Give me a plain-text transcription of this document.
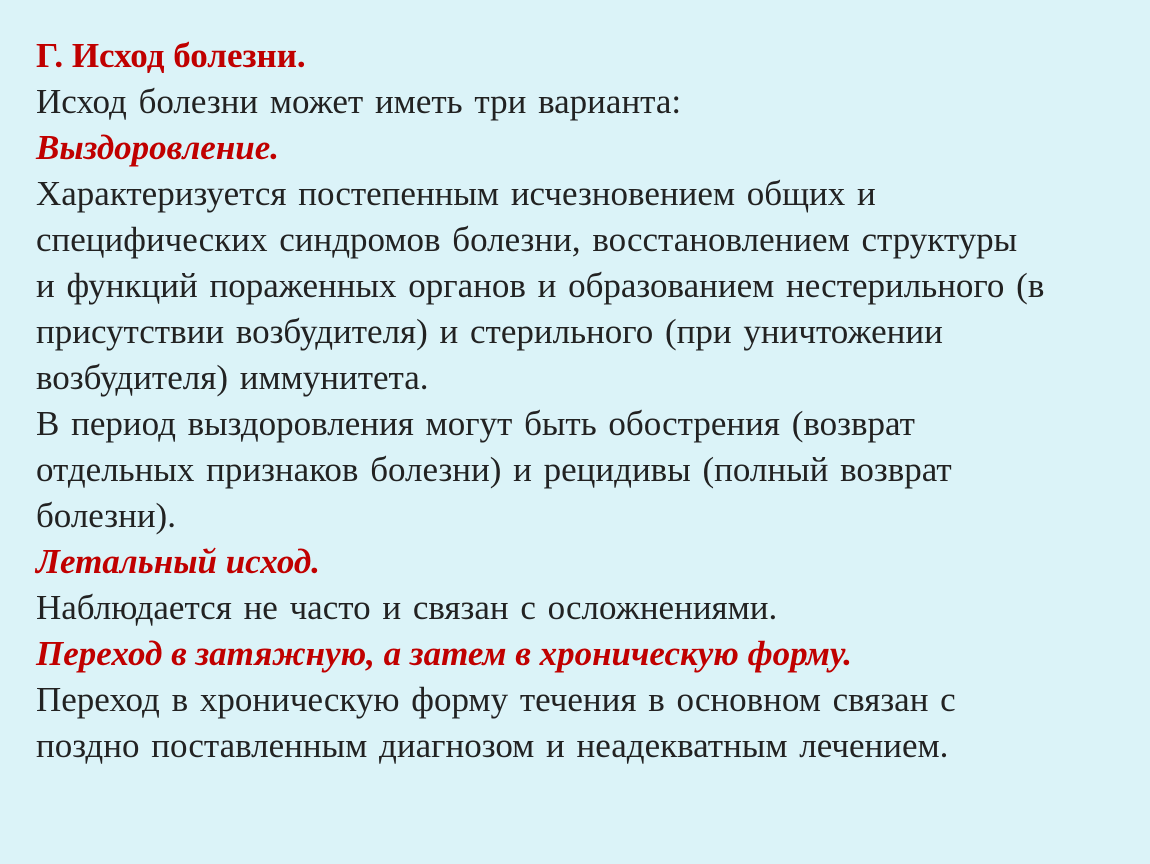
Г. Исход болезни.
Исход болезни может иметь три варианта:
Выздоровление.
Характеризуется постепенным исчезновением общих и
специфических синдромов болезни, восстановлением структуры
и функций пораженных органов и образованием нестерильного (в
присутствии возбудителя) и стерильного (при уничтожении
возбудителя) иммунитета.
В период выздоровления могут быть обострения (возврат
отдельных признаков болезни) и рецидивы (полный возврат
болезни).
Летальный исход.
Наблюдается не часто и связан с осложнениями.
Переход в затяжную, а затем в хроническую форму.
Переход в хроническую форму течения в основном связан с
поздно поставленным диагнозом и неадекватным лечением.
